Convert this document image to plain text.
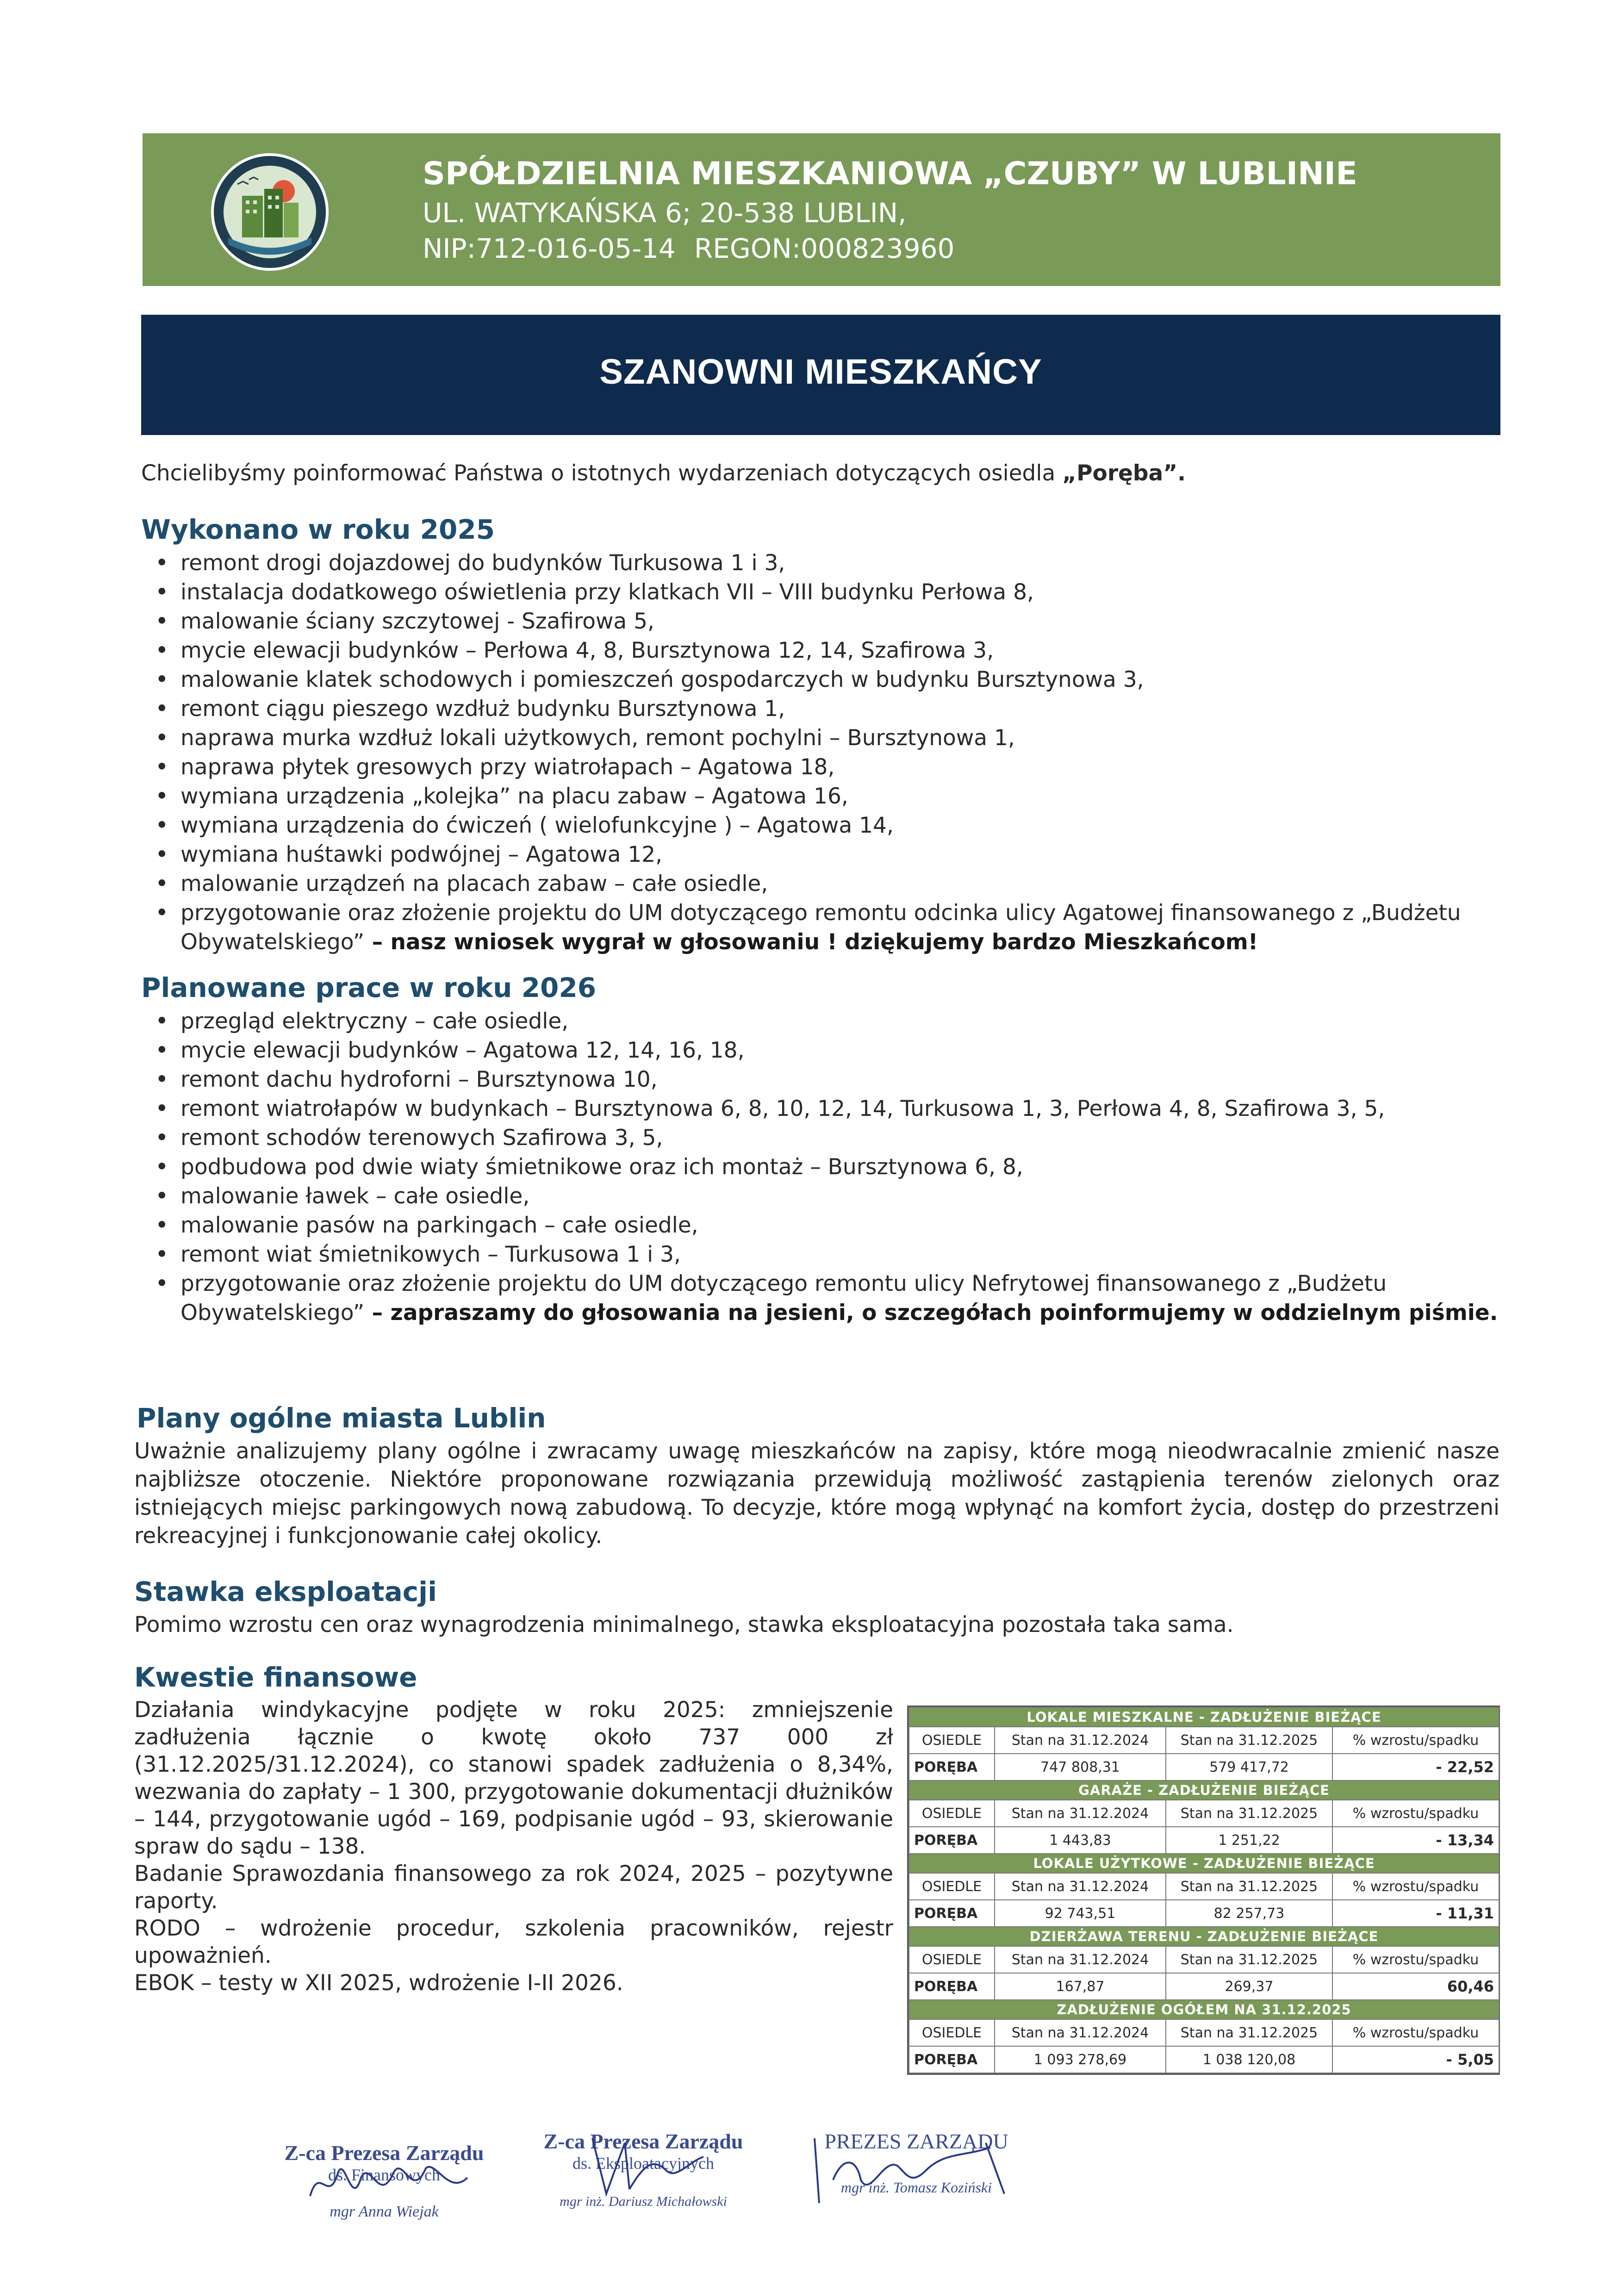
SPÓŁDZIELNIA MIESZKANIOWA „CZUBY” W LUBLINIE
UL. WATYKAŃSKA 6; 20-538 LUBLIN,
NIP:712-016-05-14 REGON:000823960
SZANOWNI MIESZKAŃCY
Chcielibyśmy poinformować Państwa o istotnych wydarzeniach dotyczących osiedla „Poręba”.
Wykonano w roku 2025
• remont drogi dojazdowej do budynków Turkusowa 1 i 3,
• instalacja dodatkowego oświetlenia przy klatkach VII – VIII budynku Perłowa 8,
• malowanie ściany szczytowej - Szafirowa 5,
• mycie elewacji budynków – Perłowa 4, 8, Bursztynowa 12, 14, Szafirowa 3,
• malowanie klatek schodowych i pomieszczeń gospodarczych w budynku Bursztynowa 3,
• remont ciągu pieszego wzdłuż budynku Bursztynowa 1,
• naprawa murka wzdłuż lokali użytkowych, remont pochylni – Bursztynowa 1,
• naprawa płytek gresowych przy wiatrołapach – Agatowa 18,
• wymiana urządzenia „kolejka” na placu zabaw – Agatowa 16,
• wymiana urządzenia do ćwiczeń ( wielofunkcyjne ) – Agatowa 14,
• wymiana huśtawki podwójnej – Agatowa 12,
• malowanie urządzeń na placach zabaw – całe osiedle,
• przygotowanie oraz złożenie projektu do UM dotyczącego remontu odcinka ulicy Agatowej finansowanego z „Budżetu Obywatelskiego” – nasz wniosek wygrał w głosowaniu ! dziękujemy bardzo Mieszkańcom!
Planowane prace w roku 2026
• przegląd elektryczny – całe osiedle,
• mycie elewacji budynków – Agatowa 12, 14, 16, 18,
• remont dachu hydroforni – Bursztynowa 10,
• remont wiatrołapów w budynkach – Bursztynowa 6, 8, 10, 12, 14, Turkusowa 1, 3, Perłowa 4, 8, Szafirowa 3, 5,
• remont schodów terenowych Szafirowa 3, 5,
• podbudowa pod dwie wiaty śmietnikowe oraz ich montaż – Bursztynowa 6, 8,
• malowanie ławek – całe osiedle,
• malowanie pasów na parkingach – całe osiedle,
• remont wiat śmietnikowych – Turkusowa 1 i 3,
• przygotowanie oraz złożenie projektu do UM dotyczącego remontu ulicy Nefrytowej finansowanego z „Budżetu Obywatelskiego” – zapraszamy do głosowania na jesieni, o szczegółach poinformujemy w oddzielnym piśmie.
Plany ogólne miasta Lublin
Uważnie analizujemy plany ogólne i zwracamy uwagę mieszkańców na zapisy, które mogą nieodwracalnie zmienić nasze najbliższe otoczenie. Niektóre proponowane rozwiązania przewidują możliwość zastąpienia terenów zielonych oraz istniejących miejsc parkingowych nową zabudową. To decyzje, które mogą wpłynąć na komfort życia, dostęp do przestrzeni rekreacyjnej i funkcjonowanie całej okolicy.
Stawka eksploatacji
Pomimo wzrostu cen oraz wynagrodzenia minimalnego, stawka eksploatacyjna pozostała taka sama.
Kwestie finansowe

Działania windykacyjne podjęte w roku 2025: zmniejszenie zadłużenia łącznie o kwotę około 737 000 zł (31.12.2025/31.12.2024), co stanowi spadek zadłużenia o 8,34%, wezwania do zapłaty – 1 300, przygotowanie dokumentacji dłużników – 144, przygotowanie ugód – 169, podpisanie ugód – 93, skierowanie spraw do sądu – 138.

Badanie Sprawozdania finansowego za rok 2024, 2025 – pozytywne raporty.

RODO – wdrożenie procedur, szkolenia pracowników, rejestr upoważnień.

EBOK – testy w XII 2025, wdrożenie I-II 2026.

LOKALE MIESZKALNE - ZADŁUŻENIE BIEŻĄCE			
OSIEDLE	Stan na 31.12.2024	Stan na 31.12.2025	% wzrostu/spadku
PORĘBA	747 808,31	579 417,72	- 22,52
GARAŻE - ZADŁUŻENIE BIEŻĄCE			
OSIEDLE	Stan na 31.12.2024	Stan na 31.12.2025	% wzrostu/spadku
PORĘBA	1 443,83	1 251,22	- 13,34
LOKALE UŻYTKOWE - ZADŁUŻENIE BIEŻĄCE			
OSIEDLE	Stan na 31.12.2024	Stan na 31.12.2025	% wzrostu/spadku
PORĘBA	92 743,51	82 257,73	- 11,31
DZIERŻAWA TERENU - ZADŁUŻENIE BIEŻĄCE			
OSIEDLE	Stan na 31.12.2024	Stan na 31.12.2025	% wzrostu/spadku
PORĘBA	167,87	269,37	60,46
ZADŁUŻENIE OGÓŁEM NA 31.12.2025			
OSIEDLE	Stan na 31.12.2024	Stan na 31.12.2025	% wzrostu/spadku
PORĘBA	1 093 278,69	1 038 120,08	- 5,05
Z-ca Prezesa Zarządu
ds. Finansowych
mgr Anna Wiejak
Z-ca Prezesa Zarządu
ds. Eksploatacyjnych
mgr inż. Dariusz Michałowski
PREZES ZARZĄDU
mgr inż. Tomasz Koziński
